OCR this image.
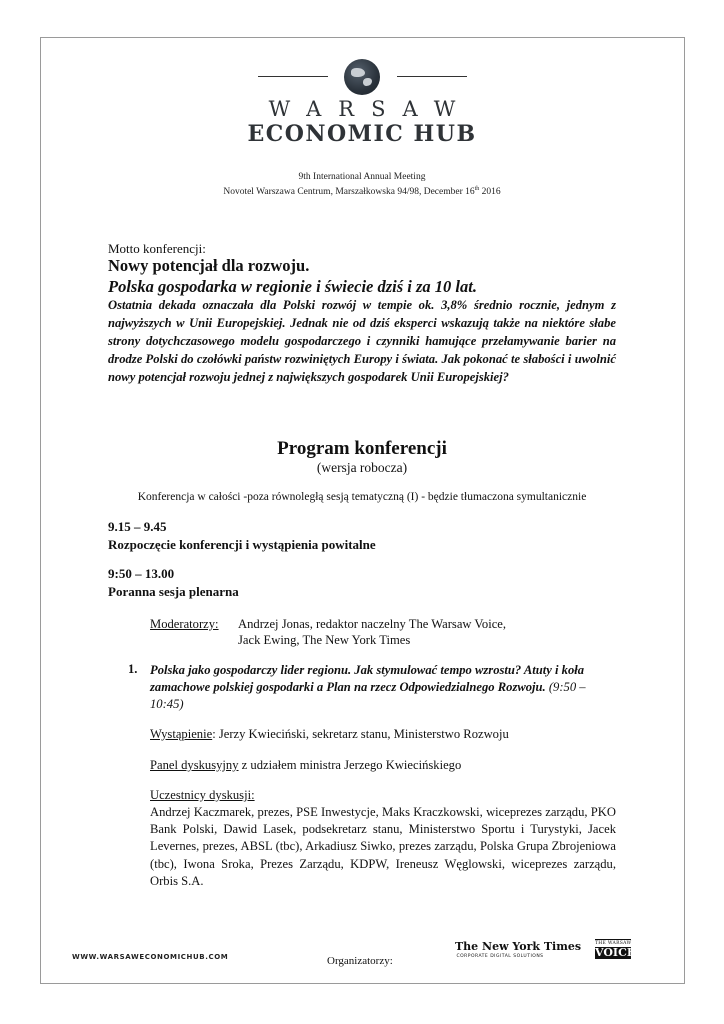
WARSAW
ECONOMIC HUB
9th International Annual Meeting
Novotel Warszawa Centrum, Marszałkowska 94/98, December 16th 2016
Motto konferencji:
Nowy potencjał dla rozwoju.
Polska gospodarka w regionie i świecie dziś i za 10 lat.
Ostatnia dekada oznaczała dla Polski rozwój w tempie ok. 3,8% średnio rocznie, jednym z najwyższych w Unii Europejskiej. Jednak nie od dziś eksperci wskazują także na niektóre słabe strony dotychczasowego modelu gospodarczego i czynniki hamujące przełamywanie barier na drodze Polski do czołówki państw rozwiniętych Europy i świata. Jak pokonać te słabości i uwolnić nowy potencjał rozwoju jednej z największych gospodarek Unii Europejskiej?
Program konferencji
(wersja robocza)
Konferencja w całości -poza równoległą sesją tematyczną (I) - będzie tłumaczona symultanicznie
9.15 – 9.45
Rozpoczęcie konferencji i wystąpienia powitalne
9:50 – 13.00
Poranna sesja plenarna
Moderatorzy: Andrzej Jonas, redaktor naczelny The Warsaw Voice,
Jack Ewing, The New York Times
1. Polska jako gospodarczy lider regionu. Jak stymulować tempo wzrostu? Atuty i koła zamachowe polskiej gospodarki a Plan na rzecz Odpowiedzialnego Rozwoju. (9:50 – 10:45)
Wystąpienie: Jerzy Kwieciński, sekretarz stanu, Ministerstwo Rozwoju
Panel dyskusyjny z udziałem ministra Jerzego Kwiecińskiego
Uczestnicy dyskusji:
Andrzej Kaczmarek, prezes, PSE Inwestycje, Maks Kraczkowski, wiceprezes zarządu, PKO Bank Polski, Dawid Lasek, podsekretarz stanu, Ministerstwo Sportu i Turystyki, Jacek Levernes, prezes, ABSL (tbc), Arkadiusz Siwko, prezes zarządu, Polska Grupa Zbrojeniowa (tbc), Iwona Sroka, Prezes Zarządu, KDPW, Ireneusz Węglowski, wiceprezes zarządu, Orbis S.A.
WWW.WARSAWECONOMICHUB.COM	Organizatorzy:
The New York Times
CORPORATE DIGITAL SOLUTIONS
THE WARSAW
VOICE
